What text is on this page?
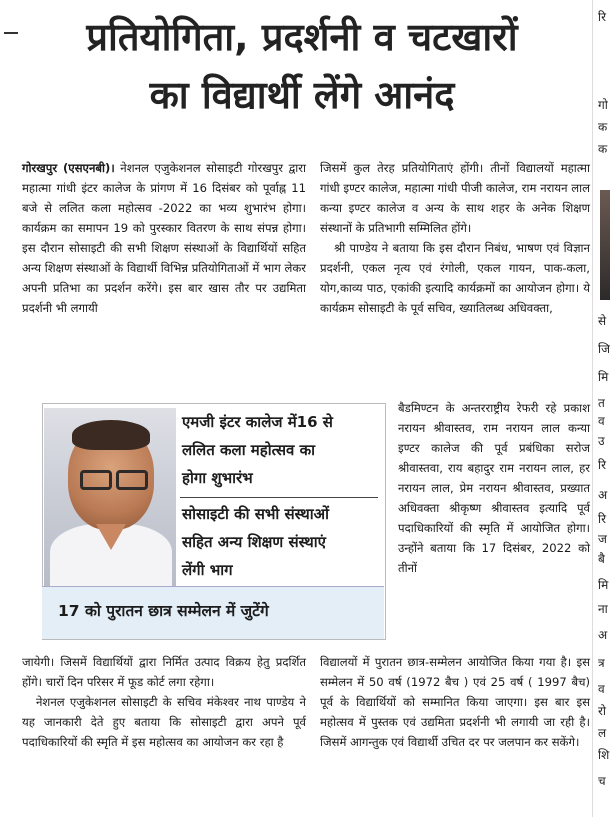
प्रतियोगिता, प्रदर्शनी व चटखारों
का विद्यार्थी लेंगे आनंद

गोरखपुर (एसएनबी)। नेशनल एजुकेशनल सोसाइटी गोरखपुर द्वारा महात्मा गांधी इंटर कालेज के प्रांगण में 16 दिसंबर को पूर्वाह्न 11 बजे से ललित कला महोत्सव -2022 का भव्य शुभारंभ होगा। कार्यक्रम का समापन 19 को पुरस्कार वितरण के साथ संपन्न होगा। इस दौरान सोसाइटी की सभी शिक्षण संस्थाओं के विद्यार्थियों सहित अन्य शिक्षण संस्थाओं के विद्यार्थी विभिन्न प्रतियोगिताओं में भाग लेकर अपनी प्रतिभा का प्रदर्शन करेंगे। इस बार खास तौर पर उद्यमिता प्रदर्शनी भी लगायी

जिसमें कुल तेरह प्रतियोगिताएं होंगी। तीनों विद्यालयों महात्मा गांधी इण्टर कालेज, महात्मा गांधी पीजी कालेज, राम नरायन लाल कन्या इण्टर कालेज व अन्य के साथ शहर के अनेक शिक्षण संस्थानों के प्रतिभागी सम्मिलित होंगे।

श्री पाण्डेय ने बताया कि इस दौरान निबंध, भाषण एवं विज्ञान प्रदर्शनी, एकल नृत्य एवं रंगोली, एकल गायन, पाक-कला, योग,काव्य पाठ, एकांकी इत्यादि कार्यक्रमों का आयोजन होगा। ये कार्यक्रम सोसाइटी के पूर्व सचिव, ख्यातिलब्ध अधिवक्ता,

बैडमिण्टन के अन्तरराष्ट्रीय रेफरी रहे प्रकाश नरायन श्रीवास्तव, राम नरायन लाल कन्या इण्टर कालेज की पूर्व प्रबंधिका सरोज श्रीवास्तवा, राय बहादुर राम नरायन लाल, हर नरायन लाल, प्रेम नरायन श्रीवास्तव, प्रख्यात अधिवक्ता श्रीकृष्ण श्रीवास्तव इत्यादि पूर्व पदाधिकारियों की स्मृति में आयोजित होगा। उन्होंने बताया कि 17 दिसंबर, 2022 को तीनों

एमजी इंटर कालेज में16 से
ललित कला महोत्सव का
होगा शुभारंभ
सोसाइटी की सभी संस्थाओं
सहित अन्य शिक्षण संस्थाएं
लेंगी भाग
17 को पुरातन छात्र सम्मेलन में जुटेंगे

जायेगी। जिसमें विद्यार्थियों द्वारा निर्मित उत्पाद विक्रय हेतु प्रदर्शित होंगे। चारों दिन परिसर में फूड कोर्ट लगा रहेगा।

नेशनल एजुकेशनल सोसाइटी के सचिव मंकेश्वर नाथ पाण्डेय ने यह जानकारी देते हुए बताया कि सोसाइटी द्वारा अपने पूर्व पदाधिकारियों की स्मृति में इस महोत्सव का आयोजन कर रहा है

विद्यालयों में पुरातन छात्र-सम्मेलन आयोजित किया गया है। इस सम्मेलन में 50 वर्ष (1972 बैच ) एवं 25 वर्ष ( 1997 बैच) पूर्व के विद्यार्थियों को सम्मानित किया जाएगा। इस बार इस महोत्सव में पुस्तक एवं उद्यमिता प्रदर्शनी भी लगायी जा रही है। जिसमें आगन्तुक एवं विद्यार्थी उचित दर पर जलपान कर सकेंगे।

रि
गो
क
क
से
जि
मि
त
व
उ
रि
अ
रि
ज
बै
मि
ना
अ
त्र
व
रो
ल
शि
च
